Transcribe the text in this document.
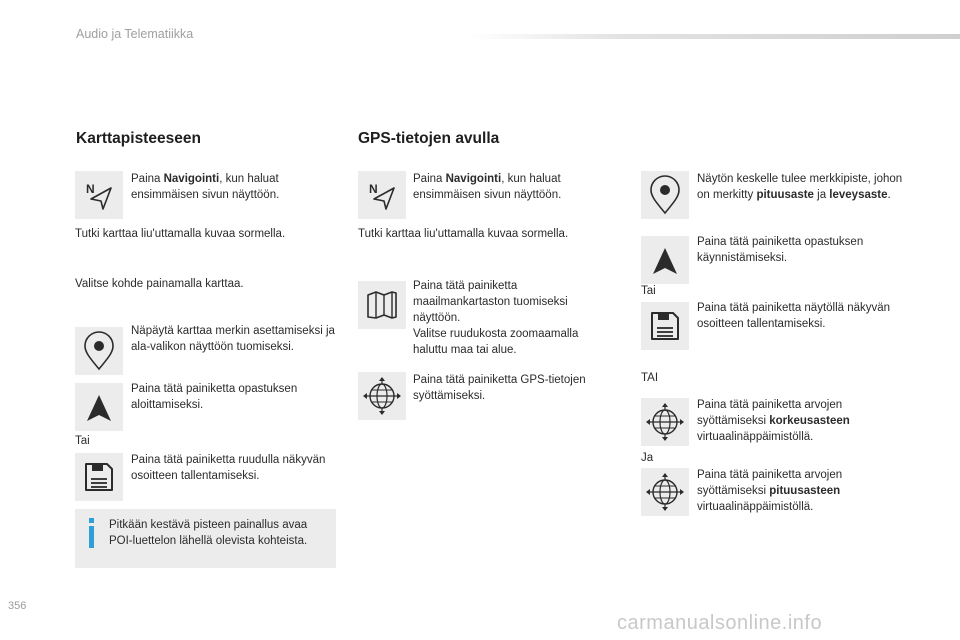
Audio ja Telematiikka
Karttapisteeseen
N
Paina Navigointi, kun haluat ensimmäisen sivun näyttöön.
Tutki karttaa liu'uttamalla kuvaa sormella.
Valitse kohde painamalla karttaa.
Näpäytä karttaa merkin asettamiseksi ja ala-valikon näyttöön tuomiseksi.
Paina tätä painiketta opastuksen aloittamiseksi.
Tai
Paina tätä painiketta ruudulla näkyvän osoitteen tallentamiseksi.
Pitkään kestävä pisteen painallus avaa POI-luettelon lähellä olevista kohteista.
GPS-tietojen avulla
N
Paina Navigointi, kun haluat ensimmäisen sivun näyttöön.
Tutki karttaa liu'uttamalla kuvaa sormella.
Paina tätä painiketta maailmankartaston tuomiseksi näyttöön.
Valitse ruudukosta zoomaamalla haluttu maa tai alue.
Paina tätä painiketta GPS-tietojen syöttämiseksi.
Näytön keskelle tulee merkkipiste, johon on merkitty pituusaste ja leveysaste.
Paina tätä painiketta opastuksen käynnistämiseksi.
Tai
Paina tätä painiketta näytöllä näkyvän osoitteen tallentamiseksi.
TAI
Paina tätä painiketta arvojen syöttämiseksi korkeusasteen virtuaalinäppäimistöllä.
Ja
Paina tätä painiketta arvojen syöttämiseksi pituusasteen virtuaalinäppäimistöllä.
356
carmanualsonline.info
